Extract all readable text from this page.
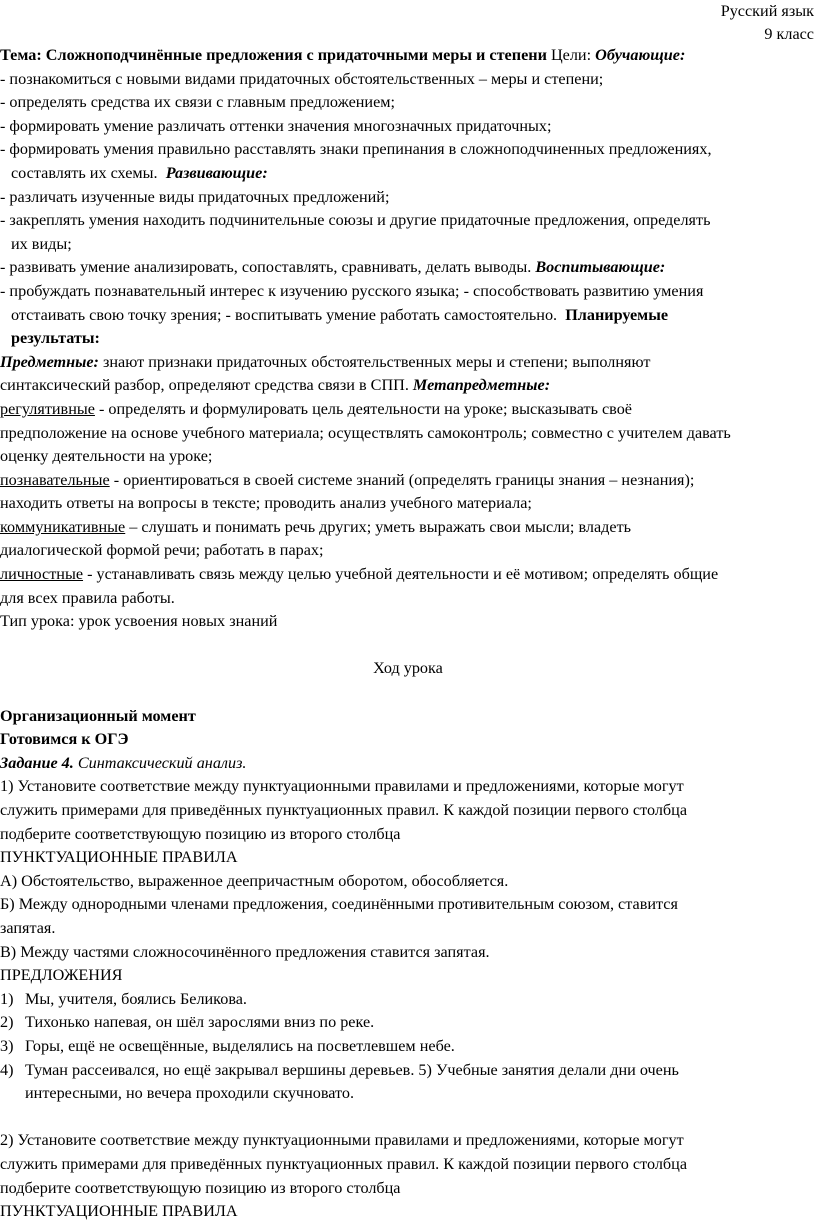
Русский язык
9 класс

Тема: Сложноподчинённые предложения с придаточными меры и степени Цели: Обучающие:

- познакомиться с новыми видами придаточных обстоятельственных – меры и степени;

- определять средства их связи с главным предложением;

- формировать умение различать оттенки значения многозначных придаточных;

- формировать умения правильно расставлять знаки препинания в сложноподчиненных предложениях,

составлять их схемы. Развивающие:

- различать изученные виды придаточных предложений;

- закреплять умения находить подчинительные союзы и другие придаточные предложения, определять

их виды;

- развивать умение анализировать, сопоставлять, сравнивать, делать выводы. Воспитывающие:

- пробуждать познавательный интерес к изучению русского языка; - способствовать развитию умения

отстаивать свою точку зрения; - воспитывать умение работать самостоятельно. Планируемые

результаты:

Предметные: знают признаки придаточных обстоятельственных меры и степени; выполняют

синтаксический разбор, определяют средства связи в СПП. Метапредметные:

регулятивные - определять и формулировать цель деятельности на уроке; высказывать своё

предположение на основе учебного материала; осуществлять самоконтроль; совместно с учителем давать

оценку деятельности на уроке;

познавательные - ориентироваться в своей системе знаний (определять границы знания – незнания);

находить ответы на вопросы в тексте; проводить анализ учебного материала;

коммуникативные – слушать и понимать речь других; уметь выражать свои мысли; владеть

диалогической формой речи; работать в парах;

личностные - устанавливать связь между целью учебной деятельности и её мотивом; определять общие

для всех правила работы.

Тип урока: урок усвоения новых знаний

Ход урока

Организационный момент

Готовимся к ОГЭ

Задание 4. Синтаксический анализ.

1) Установите соответствие между пунктуационными правилами и предложениями, которые могут

служить примерами для приведённых пунктуационных правил. К каждой позиции первого столбца

подберите соответствующую позицию из второго столбца

ПУНКТУАЦИОННЫЕ ПРАВИЛА

А) Обстоятельство, выраженное деепричастным оборотом, обособляется.

Б) Между однородными членами предложения, соединёнными противительным союзом, ставится

запятая.

В) Между частями сложносочинённого предложения ставится запятая.

ПРЕДЛОЖЕНИЯ

1) Мы, учителя, боялись Беликова.

2) Тихонько напевая, он шёл зарослями вниз по реке.

3) Горы, ещё не освещённые, выделялись на посветлевшем небе.

4) Туман рассеивался, но ещё закрывал вершины деревьев. 5) Учебные занятия делали дни очень

интересными, но вечера проходили скучновато.

2) Установите соответствие между пунктуационными правилами и предложениями, которые могут

служить примерами для приведённых пунктуационных правил. К каждой позиции первого столбца

подберите соответствующую позицию из второго столбца

ПУНКТУАЦИОННЫЕ ПРАВИЛА
